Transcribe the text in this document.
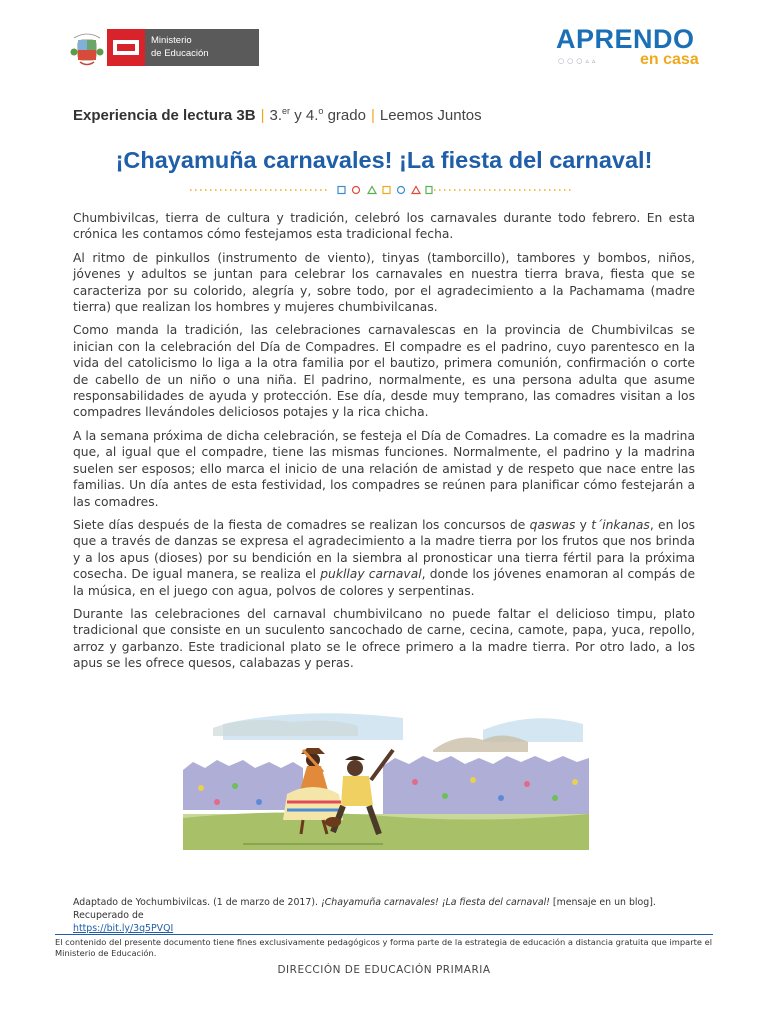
Ministerio
de Educación	APRENDO
○○○▵▵	en casa
Experiencia de lectura 3B | 3.$^{er}$ y 4.$^o$ grado | Leemos Juntos
¡Chayamuña carnavales! ¡La fiesta del carnaval!

Chumbivilcas, tierra de cultura y tradición, celebró los carnavales durante todo febrero. En esta crónica les contamos cómo festejamos esta tradicional fecha.

Al ritmo de pinkullos (instrumento de viento), tinyas (tamborcillo), tambores y bombos, niños, jóvenes y adultos se juntan para celebrar los carnavales en nuestra tierra brava, fiesta que se caracteriza por su colorido, alegría y, sobre todo, por el agradecimiento a la Pachamama (madre tierra) que realizan los hombres y mujeres chumbivilcanas.

Como manda la tradición, las celebraciones carnavalescas en la provincia de Chumbivilcas se inician con la celebración del Día de Compadres. El compadre es el padrino, cuyo parentesco en la vida del catolicismo lo liga a la otra familia por el bautizo, primera comunión, confirmación o corte de cabello de un niño o una niña. El padrino, normalmente, es una persona adulta que asume responsabilidades de ayuda y protección. Ese día, desde muy temprano, las comadres visitan a los compadres llevándoles deliciosos potajes y la rica chicha.

A la semana próxima de dicha celebración, se festeja el Día de Comadres. La comadre es la madrina que, al igual que el compadre, tiene las mismas funciones. Normalmente, el padrino y la madrina suelen ser esposos; ello marca el inicio de una relación de amistad y de respeto que nace entre las familias. Un día antes de esta festividad, los compadres se reúnen para planificar cómo festejarán a las comadres.

Siete días después de la fiesta de comadres se realizan los concursos de qaswas y t´inkanas, en los que a través de danzas se expresa el agradecimiento a la madre tierra por los frutos que nos brinda y a los apus (dioses) por su bendición en la siembra al pronosticar una tierra fértil para la próxima cosecha. De igual manera, se realiza el pukllay carnaval, donde los jóvenes enamoran al compás de la música, en el juego con agua, polvos de colores y serpentinas.

Durante las celebraciones del carnaval chumbivilcano no puede faltar el delicioso timpu, plato tradicional que consiste en un suculento sancochado de carne, cecina, camote, papa, yuca, repollo, arroz y garbanzo. Este tradicional plato se le ofrece primero a la madre tierra. Por otro lado, a los apus se les ofrece quesos, calabazas y peras.

Adaptado de Yochumbivilcas. (1 de marzo de 2017). ¡Chayamuña carnavales! ¡La fiesta del carnaval! [mensaje en un blog]. Recuperado de
https://bit.ly/3q5PVQI
El contenido del presente documento tiene fines exclusivamente pedagógicos y forma parte de la estrategia de educación a distancia gratuita que imparte el Ministerio de Educación.
DIRECCIÓN DE EDUCACIÓN PRIMARIA
